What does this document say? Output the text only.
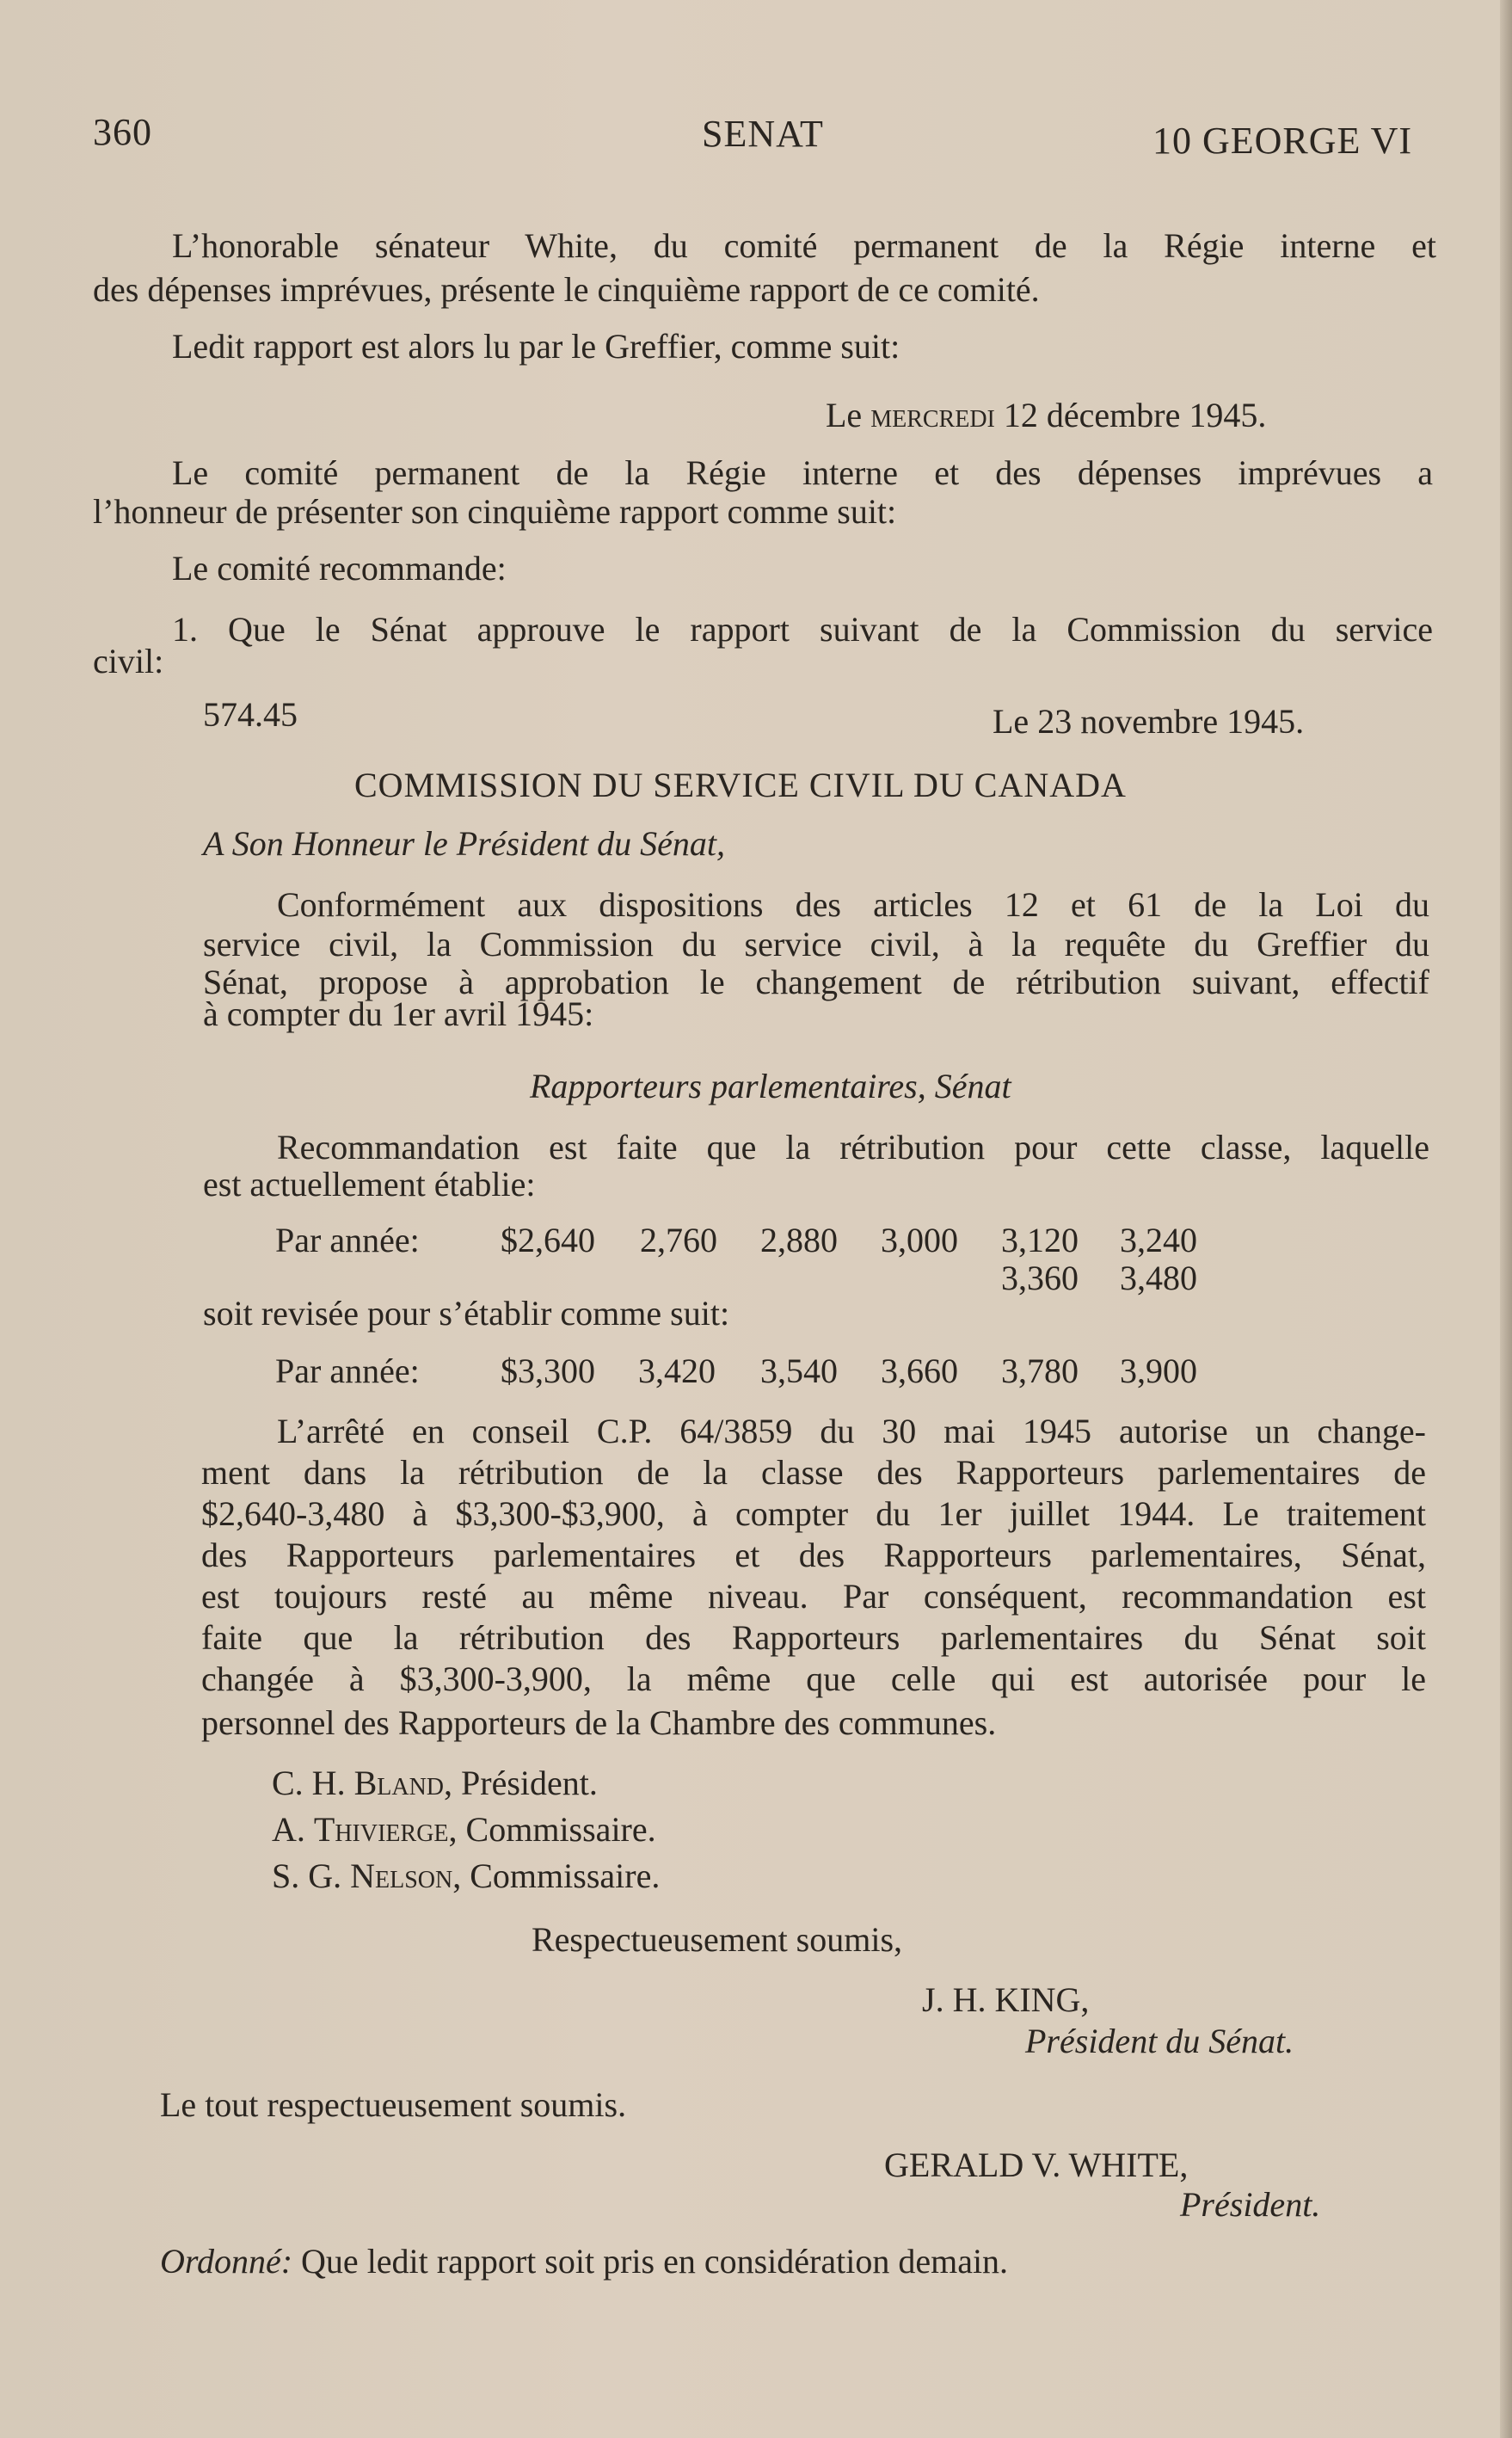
360	SENAT	10 GEORGE VI
L’honorable sénateur White, du comité permanent de la Régie interne et
des dépenses imprévues, présente le cinquième rapport de ce comité.
Ledit rapport est alors lu par le Greffier, comme suit:
Le mercredi 12 décembre 1945.
Le comité permanent de la Régie interne et des dépenses imprévues a
l’honneur de présenter son cinquième rapport comme suit:
Le comité recommande:
1. Que le Sénat approuve le rapport suivant de la Commission du service
civil:
574.45	Le 23 novembre 1945.
COMMISSION DU SERVICE CIVIL DU CANADA
A Son Honneur le Président du Sénat,
Conformément aux dispositions des articles 12 et 61 de la Loi du
service civil, la Commission du service civil, à la requête du Greffier du
Sénat, propose à approbation le changement de rétribution suivant, effectif
à compter du 1er avril 1945:
Rapporteurs parlementaires, Sénat
Recommandation est faite que la rétribution pour cette classe, laquelle
est actuellement établie:
Par année: $2,640 2,760 2,880 3,000 3,120 3,240
3,360 3,480
soit revisée pour s’établir comme suit:
Par année: $3,300 3,420 3,540 3,660 3,780 3,900
L’arrêté en conseil C.P. 64/3859 du 30 mai 1945 autorise un change-
ment dans la rétribution de la classe des Rapporteurs parlementaires de
$2,640-3,480 à $3,300-$3,900, à compter du 1er juillet 1944. Le traitement
des Rapporteurs parlementaires et des Rapporteurs parlementaires, Sénat,
est toujours resté au même niveau. Par conséquent, recommandation est
faite que la rétribution des Rapporteurs parlementaires du Sénat soit
changée à $3,300-3,900, la même que celle qui est autorisée pour le
personnel des Rapporteurs de la Chambre des communes.
C. H. Bland, Président.
A. Thivierge, Commissaire.
S. G. Nelson, Commissaire.
Respectueusement soumis,
J. H. KING,
Président du Sénat.
Le tout respectueusement soumis.
GERALD V. WHITE,
Président.
Ordonné: Que ledit rapport soit pris en considération demain.
